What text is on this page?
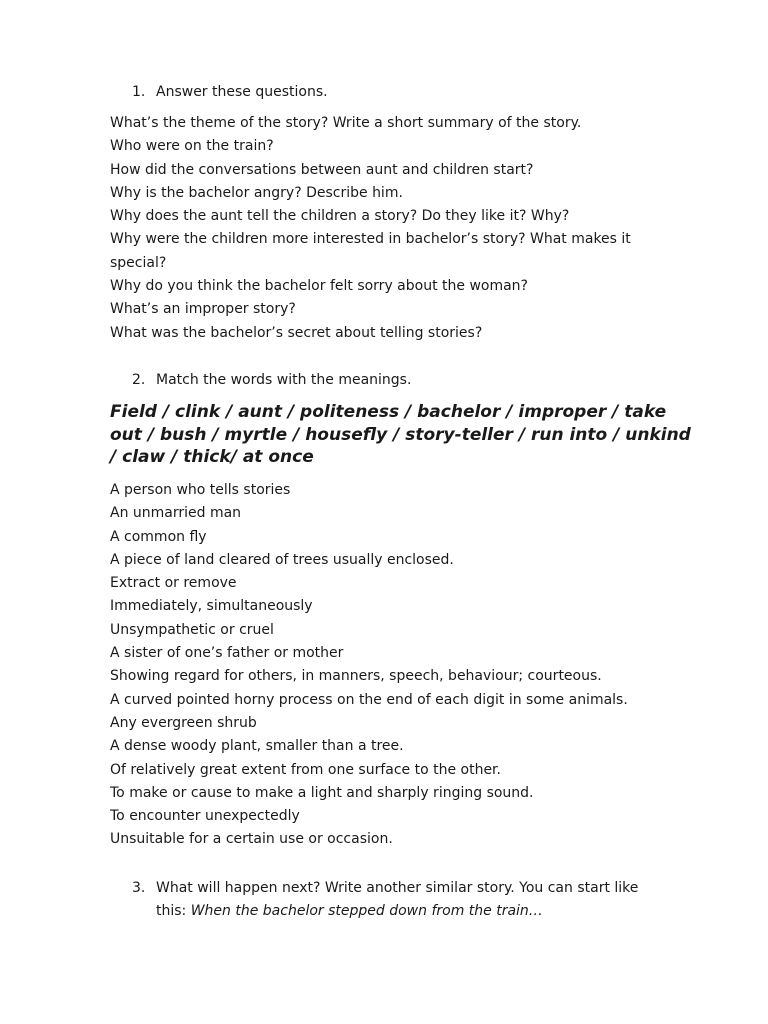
1. Answer these questions.
What’s the theme of the story? Write a short summary of the story.
Who were on the train?
How did the conversations between aunt and children start?
Why is the bachelor angry? Describe him.
Why does the aunt tell the children a story? Do they like it? Why?
Why were the children more interested in bachelor’s story? What makes it
special?
Why do you think the bachelor felt sorry about the woman?
What’s an improper story?
What was the bachelor’s secret about telling stories?
2. Match the words with the meanings.
Field / clink / aunt / politeness / bachelor / improper / take
out / bush / myrtle / housefly / story-teller / run into / unkind
/ claw / thick/ at once
A person who tells stories
An unmarried man
A common fly
A piece of land cleared of trees usually enclosed.
Extract or remove
Immediately, simultaneously
Unsympathetic or cruel
A sister of one’s father or mother
Showing regard for others, in manners, speech, behaviour; courteous.
A curved pointed horny process on the end of each digit in some animals.
Any evergreen shrub
A dense woody plant, smaller than a tree.
Of relatively great extent from one surface to the other.
To make or cause to make a light and sharply ringing sound.
To encounter unexpectedly
Unsuitable for a certain use or occasion.
3. What will happen next? Write another similar story. You can start like
this: When the bachelor stepped down from the train…
